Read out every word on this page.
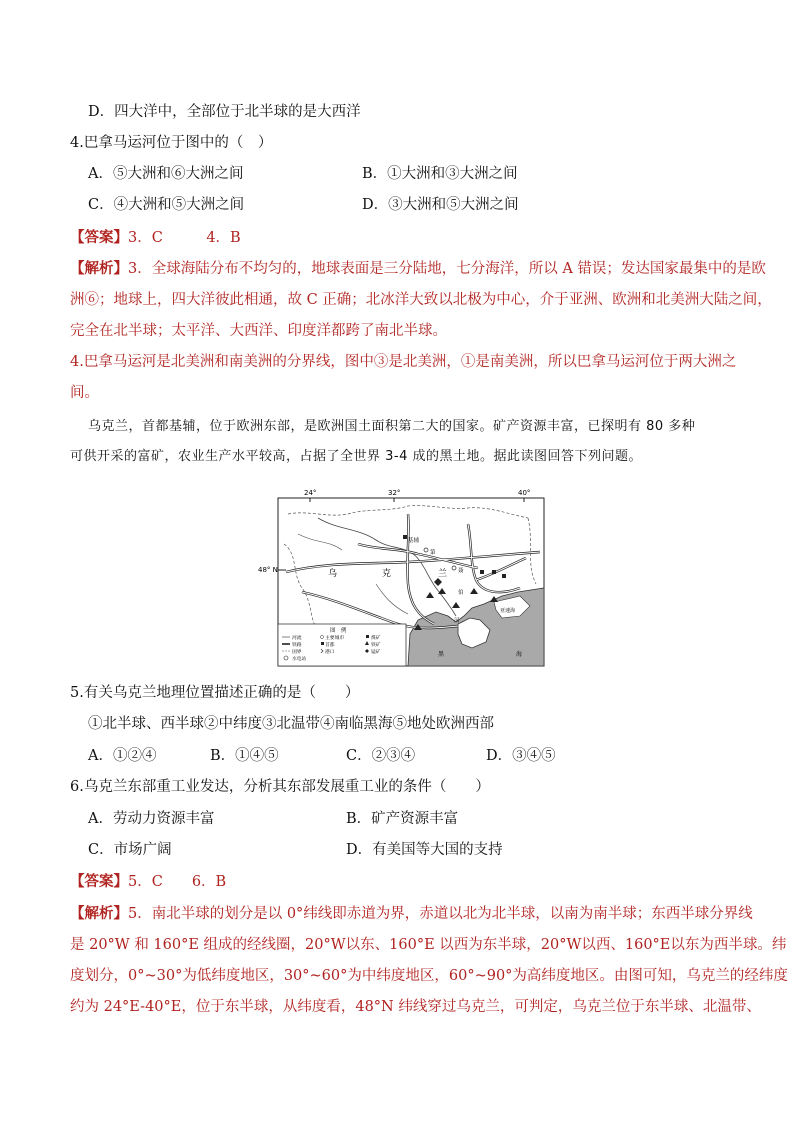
D．四大洋中，全部位于北半球的是大西洋
4.巴拿马运河位于图中的（　）
A．⑤大洲和⑥大洲之间	B．①大洲和③大洲之间
C．④大洲和⑤大洲之间	D．③大洲和⑤大洲之间
【答案】3．C　　　4．B
【解析】3．全球海陆分布不均匀的，地球表面是三分陆地，七分海洋，所以 A 错误；发达国家最集中的是欧
洲⑥；地球上，四大洋彼此相通，故 C 正确；北冰洋大致以北极为中心，介于亚洲、欧洲和北美洲大陆之间，
完全在北半球；太平洋、大西洋、印度洋都跨了南北半球。
4.巴拿马运河是北美洲和南美洲的分界线，图中③是北美洲，①是南美洲，所以巴拿马运河位于两大洲之
间。
乌克兰，首都基辅，位于欧洲东部，是欧洲国土面积第二大的国家。矿产资源丰富，已探明有 80 多种
可供开采的富矿，农业生产水平较高，占据了全世界 3-4 成的黑土地。据此读图回答下列问题。
24°	32°	40°
48° N	乌	克	兰
基辅
第
聂
伯
黑	海
亚速海
河
图　例
河流	主要城市	煤矿
铁路	首都	铁矿
国界	港口	锰矿
水电站
5.有关乌克兰地理位置描述正确的是（　　）
①北半球、西半球②中纬度③北温带④南临黑海⑤地处欧洲西部
A．①②④	B．①④⑤	C．②③④	D．③④⑤
6.乌克兰东部重工业发达，分析其东部发展重工业的条件（　　）
A．劳动力资源丰富	B．矿产资源丰富
C．市场广阔	D．有美国等大国的支持
【答案】5．C　　6．B
【解析】5．南北半球的划分是以 0°纬线即赤道为界，赤道以北为北半球，以南为南半球；东西半球分界线
是 20°W 和 160°E 组成的经线圈，20°W以东、160°E 以西为东半球，20°W以西、160°E以东为西半球。纬
度划分，0°~30°为低纬度地区，30°~60°为中纬度地区，60°~90°为高纬度地区。由图可知，乌克兰的经纬度
约为 24°E-40°E，位于东半球，从纬度看，48°N 纬线穿过乌克兰，可判定，乌克兰位于东半球、北温带、
